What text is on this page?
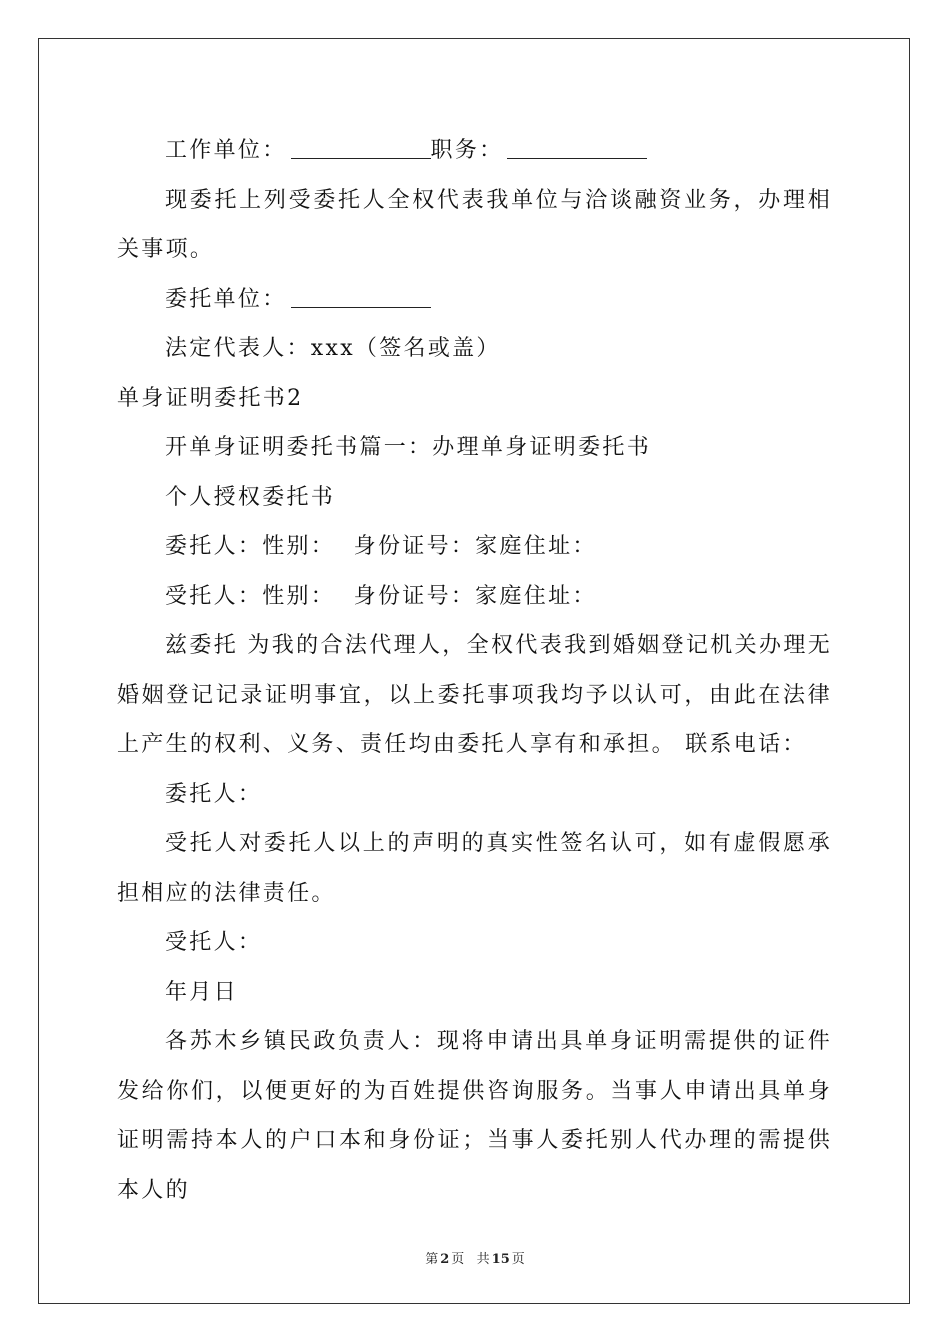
工作单位：	职务：
现委托上列受委托人全权代表我单位与洽谈融资业务，办理相关事项。
委托单位：
法定代表人：xxx（签名或盖）
单身证明委托书2
开单身证明委托书篇一：办理单身证明委托书
个人授权委托书
委托人：性别：  身份证号：家庭住址：
受托人：性别：  身份证号：家庭住址：
兹委托 为我的合法代理人，全权代表我到婚姻登记机关办理无婚姻登记记录证明事宜，以上委托事项我均予以认可，由此在法律上产生的权利、义务、责任均由委托人享有和承担。 联系电话：
委托人：
受托人对委托人以上的声明的真实性签名认可，如有虚假愿承担相应的法律责任。
受托人：
年月日
各苏木乡镇民政负责人：现将申请出具单身证明需提供的证件发给你们，以便更好的为百姓提供咨询服务。当事人申请出具单身证明需持本人的户口本和身份证；当事人委托别人代办理的需提供本人的
第 2 页   共 15 页
